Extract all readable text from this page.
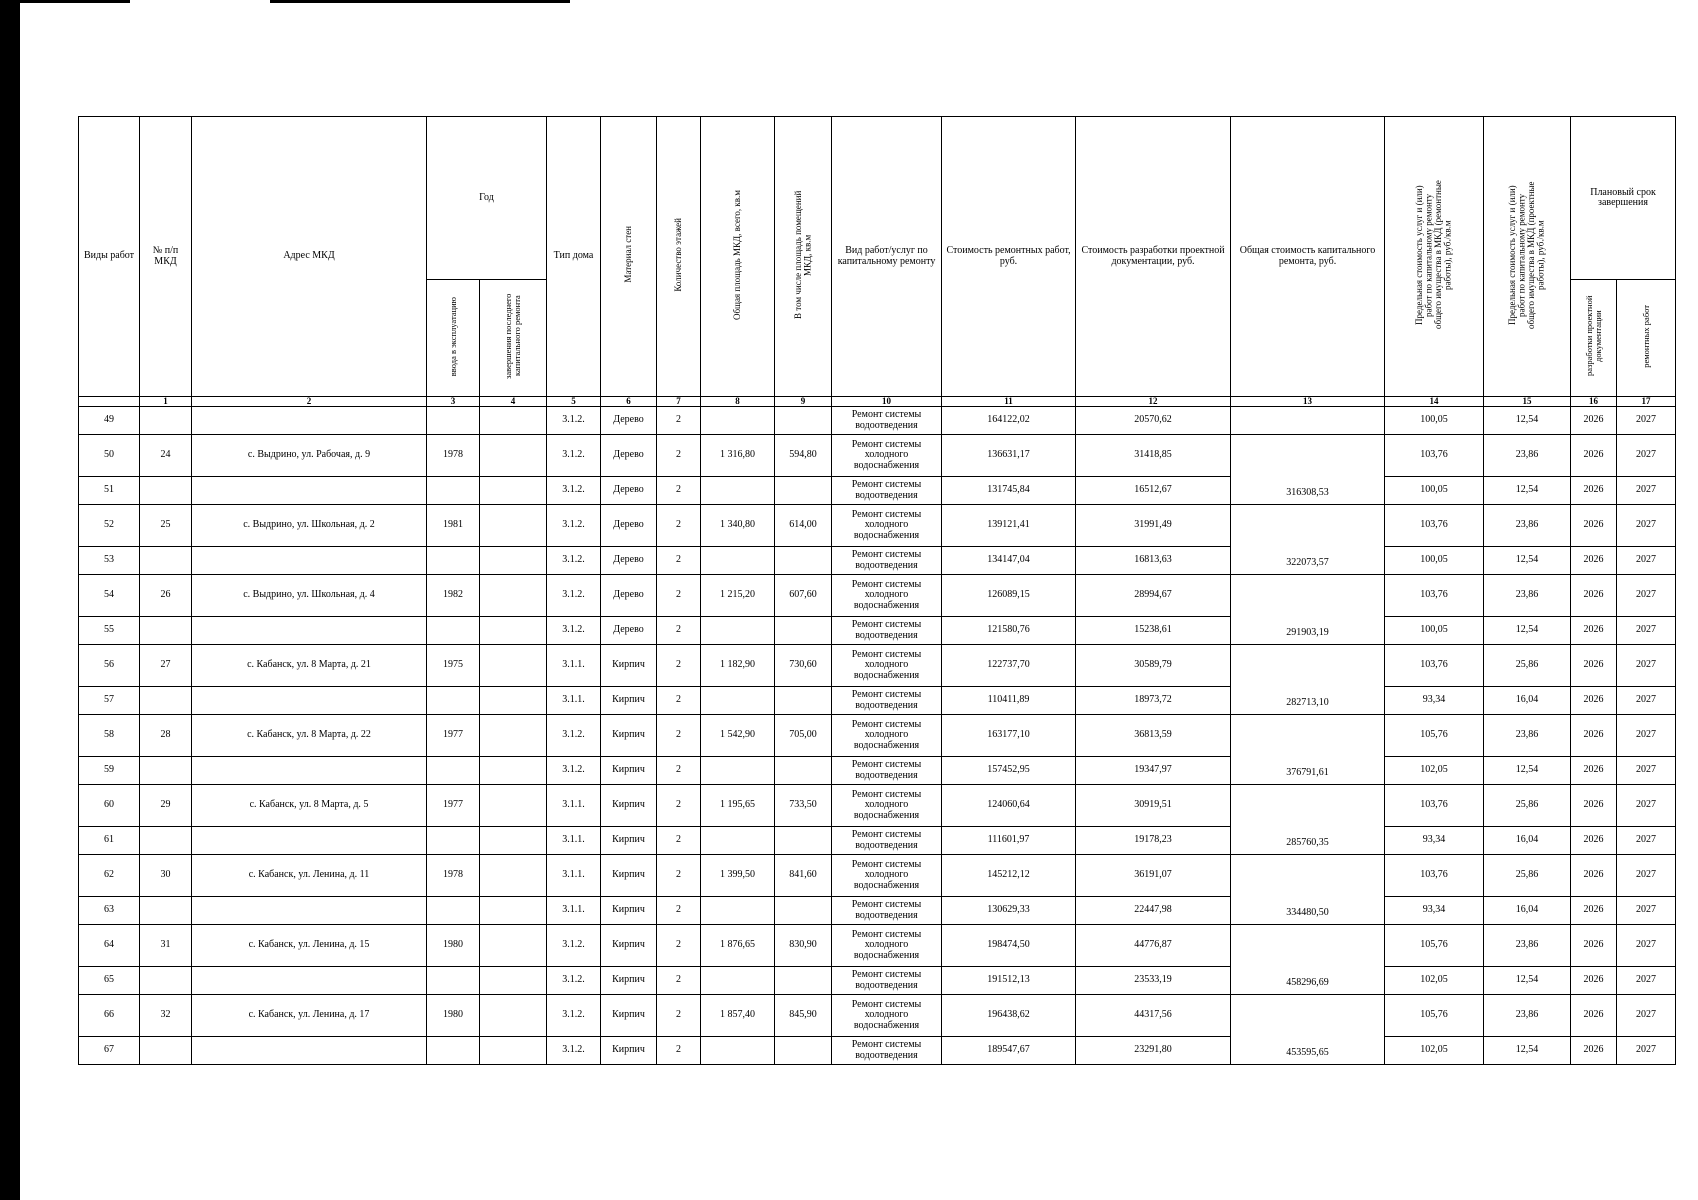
Виды работ	№ п/п МКД	Адрес МКД	Год		Тип дома	Материал стен	Количество этажей	Общая площадь МКД, всего, кв.м	В том числе площадь помещений МКД, кв.м	Вид работ/услуг по капитальному ремонту	Стоимость ремонтных работ, руб.	Стоимость разработки проектной документации, руб.	Общая стоимость капитального ремонта, руб.	Предельная стоимость услуг и (или) работ по капитальному ремонту общего имущества в МКД (ремонтные работы), руб./кв.м	Предельная стоимость услуг и (или) работ по капитальному ремонту общего имущества в МКД (проектные работы), руб./кв.м	Плановый срок завершения	
			ввода в эксплуатацию	завершения последнего капитального ремонта												разработки проектной документации	ремонтных работ
	1	2	3	4	5	6	7	8	9	10	11	12	13	14	15	16	17
49					3.1.2.	Дерево	2			Ремонт системы водоотведения	164122,02	20570,62		100,05	12,54	2026	2027
50	24	с. Выдрино, ул. Рабочая, д. 9	1978		3.1.2.	Дерево	2	1 316,80	594,80	Ремонт системы холодного водоснабжения	136631,17	31418,85	316308,53	103,76	23,86	2026	2027
51					3.1.2.	Дерево	2			Ремонт системы водоотведения	131745,84	16512,67		100,05	12,54	2026	2027
52	25	с. Выдрино, ул. Школьная, д. 2	1981		3.1.2.	Дерево	2	1 340,80	614,00	Ремонт системы холодного водоснабжения	139121,41	31991,49	322073,57	103,76	23,86	2026	2027
53					3.1.2.	Дерево	2			Ремонт системы водоотведения	134147,04	16813,63		100,05	12,54	2026	2027
54	26	с. Выдрино, ул. Школьная, д. 4	1982		3.1.2.	Дерево	2	1 215,20	607,60	Ремонт системы холодного водоснабжения	126089,15	28994,67	291903,19	103,76	23,86	2026	2027
55					3.1.2.	Дерево	2			Ремонт системы водоотведения	121580,76	15238,61		100,05	12,54	2026	2027
56	27	с. Кабанск, ул. 8 Марта, д. 21	1975		3.1.1.	Кирпич	2	1 182,90	730,60	Ремонт системы холодного водоснабжения	122737,70	30589,79	282713,10	103,76	25,86	2026	2027
57					3.1.1.	Кирпич	2			Ремонт системы водоотведения	110411,89	18973,72		93,34	16,04	2026	2027
58	28	с. Кабанск, ул. 8 Марта, д. 22	1977		3.1.2.	Кирпич	2	1 542,90	705,00	Ремонт системы холодного водоснабжения	163177,10	36813,59	376791,61	105,76	23,86	2026	2027
59					3.1.2.	Кирпич	2			Ремонт системы водоотведения	157452,95	19347,97		102,05	12,54	2026	2027
60	29	с. Кабанск, ул. 8 Марта, д. 5	1977		3.1.1.	Кирпич	2	1 195,65	733,50	Ремонт системы холодного водоснабжения	124060,64	30919,51	285760,35	103,76	25,86	2026	2027
61					3.1.1.	Кирпич	2			Ремонт системы водоотведения	111601,97	19178,23		93,34	16,04	2026	2027
62	30	с. Кабанск, ул. Ленина, д. 11	1978		3.1.1.	Кирпич	2	1 399,50	841,60	Ремонт системы холодного водоснабжения	145212,12	36191,07	334480,50	103,76	25,86	2026	2027
63					3.1.1.	Кирпич	2			Ремонт системы водоотведения	130629,33	22447,98		93,34	16,04	2026	2027
64	31	с. Кабанск, ул. Ленина, д. 15	1980		3.1.2.	Кирпич	2	1 876,65	830,90	Ремонт системы холодного водоснабжения	198474,50	44776,87	458296,69	105,76	23,86	2026	2027
65					3.1.2.	Кирпич	2			Ремонт системы водоотведения	191512,13	23533,19		102,05	12,54	2026	2027
66	32	с. Кабанск, ул. Ленина, д. 17	1980		3.1.2.	Кирпич	2	1 857,40	845,90	Ремонт системы холодного водоснабжения	196438,62	44317,56	453595,65	105,76	23,86	2026	2027
67					3.1.2.	Кирпич	2			Ремонт системы водоотведения	189547,67	23291,80		102,05	12,54	2026	2027
